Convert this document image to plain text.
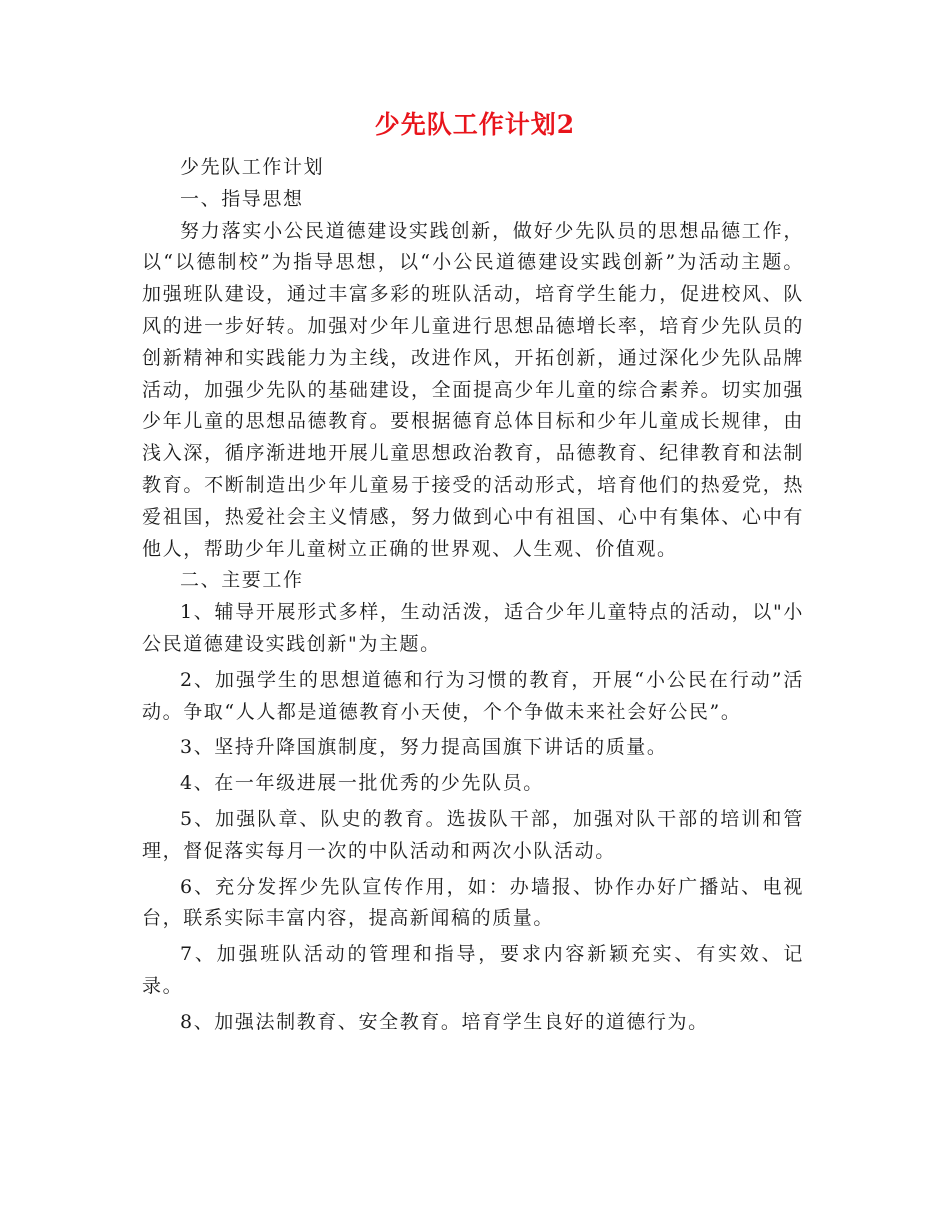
少先队工作计划2

少先队工作计划

一、指导思想

努力落实小公民道德建设实践创新，做好少先队员的思想品德工作，以“以德制校”为指导思想，以“小公民道德建设实践创新”为活动主题。加强班队建设，通过丰富多彩的班队活动，培育学生能力，促进校风、队风的进一步好转。加强对少年儿童进行思想品德增长率，培育少先队员的创新精神和实践能力为主线，改进作风，开拓创新，通过深化少先队品牌活动，加强少先队的基础建设，全面提高少年儿童的综合素养。切实加强少年儿童的思想品德教育。要根据德育总体目标和少年儿童成长规律，由浅入深，循序渐进地开展儿童思想政治教育，品德教育、纪律教育和法制教育。不断制造出少年儿童易于接受的活动形式，培育他们的热爱党，热爱祖国，热爱社会主义情感，努力做到心中有祖国、心中有集体、心中有他人，帮助少年儿童树立正确的世界观、人生观、价值观。

二、主要工作

1、辅导开展形式多样，生动活泼，适合少年儿童特点的活动，以"小公民道德建设实践创新"为主题。

2、加强学生的思想道德和行为习惯的教育，开展“小公民在行动”活动。争取“人人都是道德教育小天使，个个争做未来社会好公民”。

3、坚持升降国旗制度，努力提高国旗下讲话的质量。

4、在一年级进展一批优秀的少先队员。

5、加强队章、队史的教育。选拔队干部，加强对队干部的培训和管理，督促落实每月一次的中队活动和两次小队活动。

6、充分发挥少先队宣传作用，如：办墙报、协作办好广播站、电视台，联系实际丰富内容，提高新闻稿的质量。

7、加强班队活动的管理和指导，要求内容新颖充实、有实效、记录。

8、加强法制教育、安全教育。培育学生良好的道德行为。
